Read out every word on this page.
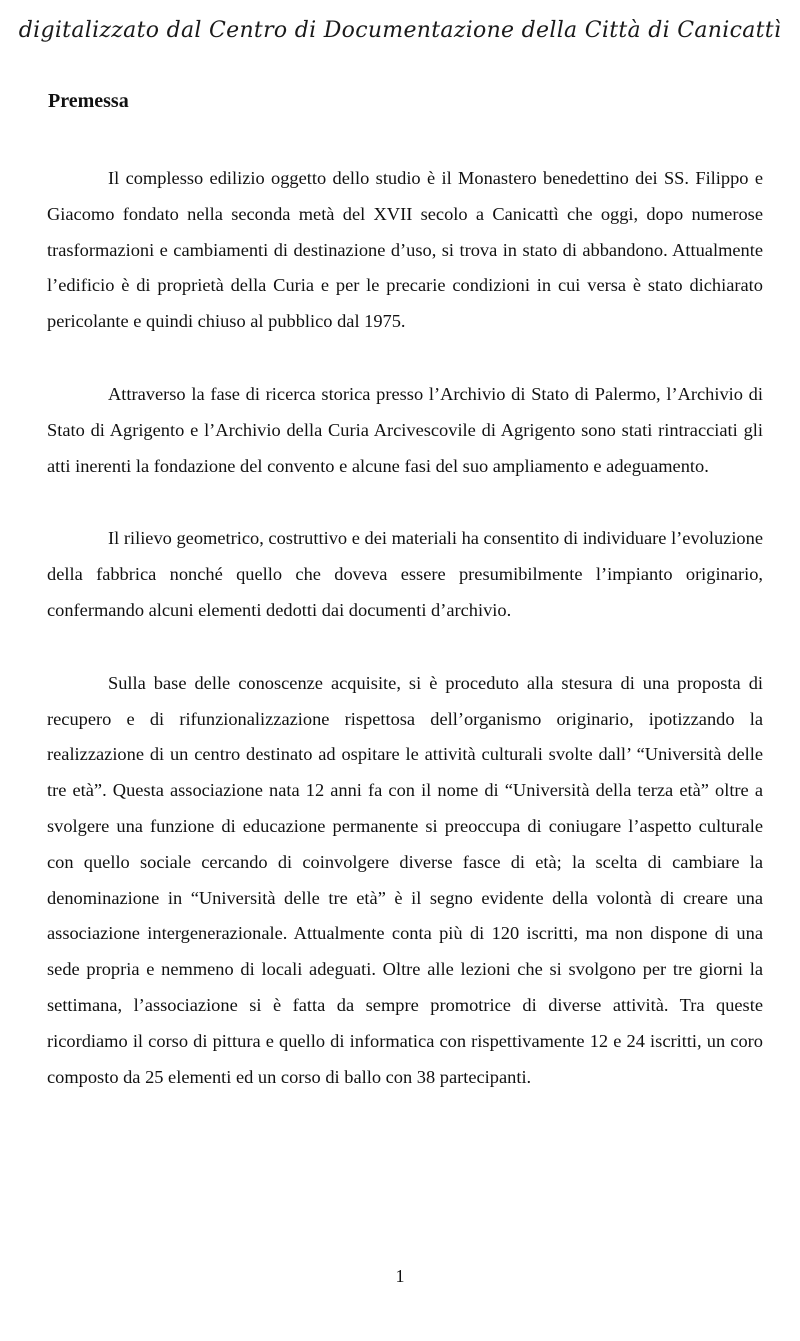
digitalizzato dal Centro di Documentazione della Città di Canicattì
Premessa

Il complesso edilizio oggetto dello studio è il Monastero benedettino dei SS. Filippo e Giacomo fondato nella seconda metà del XVII secolo a Canicattì che oggi, dopo numerose trasformazioni e cambiamenti di destinazione d’uso, si trova in stato di abbandono. Attualmente l’edificio è di proprietà della Curia e per le precarie condizioni in cui versa è stato dichiarato pericolante e quindi chiuso al pubblico dal 1975.

Attraverso la fase di ricerca storica presso l’Archivio di Stato di Palermo, l’Archivio di Stato di Agrigento e l’Archivio della Curia Arcivescovile di Agrigento sono stati rintracciati gli atti inerenti la fondazione del convento e alcune fasi del suo ampliamento e adeguamento.

Il rilievo geometrico, costruttivo e dei materiali ha consentito di individuare l’evoluzione della fabbrica nonché quello che doveva essere presumibilmente l’impianto originario, confermando alcuni elementi dedotti dai documenti d’archivio.

Sulla base delle conoscenze acquisite, si è proceduto alla stesura di una proposta di recupero e di rifunzionalizzazione rispettosa dell’organismo originario, ipotizzando la realizzazione di un centro destinato ad ospitare le attività culturali svolte dall’ “Università delle tre età”. Questa associazione nata 12 anni fa con il nome di “Università della terza età” oltre a svolgere una funzione di educazione permanente si preoccupa di coniugare l’aspetto culturale con quello sociale cercando di coinvolgere diverse fasce di età; la scelta di cambiare la denominazione in “Università delle tre età” è il segno evidente della volontà di creare una associazione intergenerazionale. Attualmente conta più di 120 iscritti, ma non dispone di una sede propria e nemmeno di locali adeguati. Oltre alle lezioni che si svolgono per tre giorni la settimana, l’associazione si è fatta da sempre promotrice di diverse attività. Tra queste ricordiamo il corso di pittura e quello di informatica con rispettivamente 12 e 24 iscritti, un coro composto da 25 elementi ed un corso di ballo con 38 partecipanti.

1
